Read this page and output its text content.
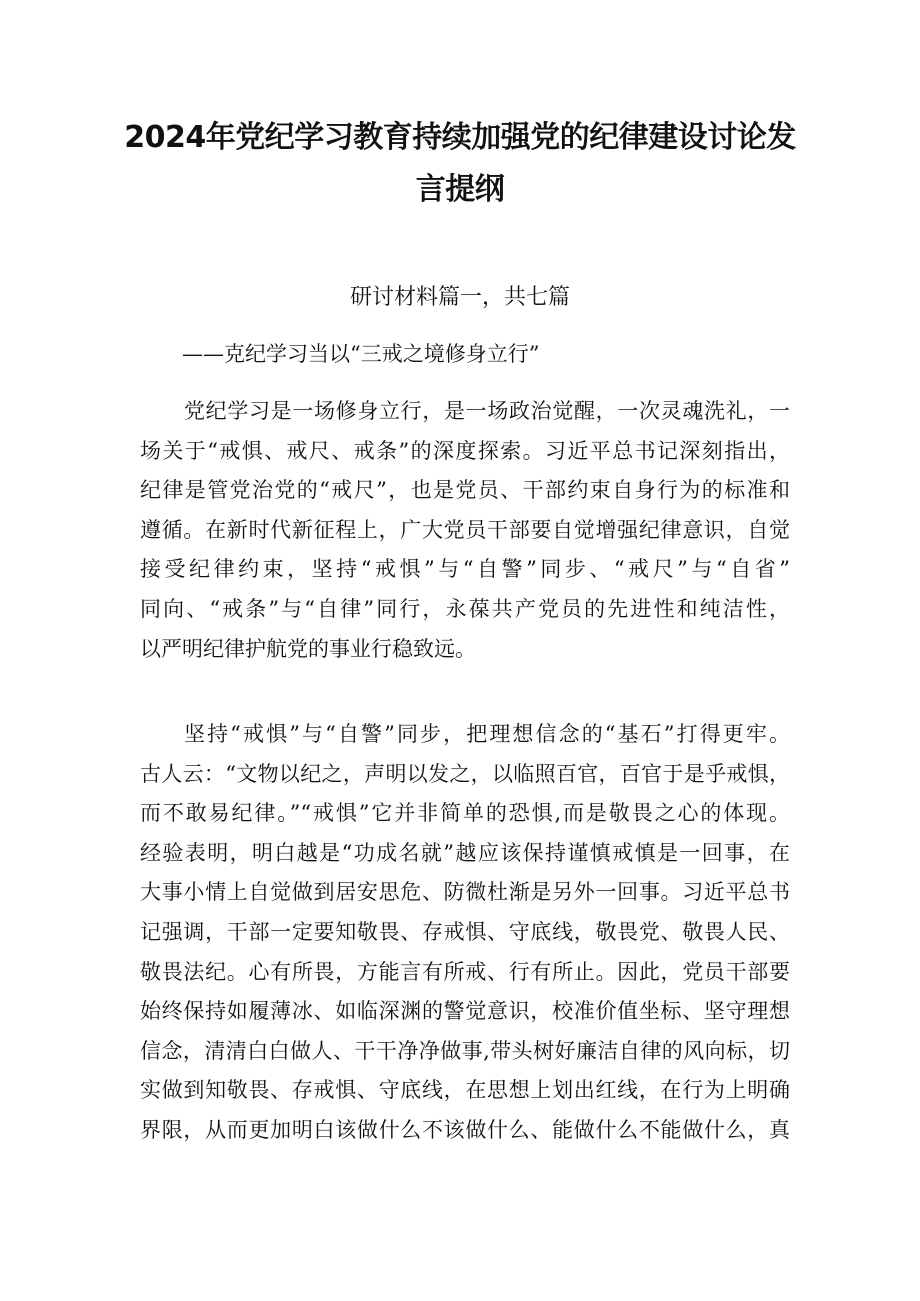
2024年党纪学习教育持续加强党的纪律建设讨论发
言提纲

研讨材料篇一，共七篇

——克纪学习当以“三戒之境修身立行”

党纪学习是一场修身立行，是一场政治觉醒，一次灵魂洗礼，一
场关于“戒惧、戒尺、戒条”的深度探索。习近平总书记深刻指出，
纪律是管党治党的“戒尺”，也是党员、干部约束自身行为的标准和
遵循。在新时代新征程上，广大党员干部要自觉增强纪律意识，自觉
接受纪律约束，坚持“戒惧”与“自警”同步、“戒尺”与“自省”
同向、“戒条”与“自律”同行，永葆共产党员的先进性和纯洁性，
以严明纪律护航党的事业行稳致远。
坚持“戒惧”与“自警”同步，把理想信念的“基石”打得更牢。
古人云：“文物以纪之，声明以发之，以临照百官，百官于是乎戒惧，
而不敢易纪律。”“戒惧”它并非简单的恐惧,而是敬畏之心的体现。
经验表明，明白越是“功成名就”越应该保持谨慎戒慎是一回事，在
大事小情上自觉做到居安思危、防微杜渐是另外一回事。习近平总书
记强调，干部一定要知敬畏、存戒惧、守底线，敬畏党、敬畏人民、
敬畏法纪。心有所畏，方能言有所戒、行有所止。因此，党员干部要
始终保持如履薄冰、如临深渊的警觉意识，校准价值坐标、坚守理想
信念，清清白白做人、干干净净做事,带头树好廉洁自律的风向标，切
实做到知敬畏、存戒惧、守底线，在思想上划出红线，在行为上明确
界限，从而更加明白该做什么不该做什么、能做什么不能做什么，真
